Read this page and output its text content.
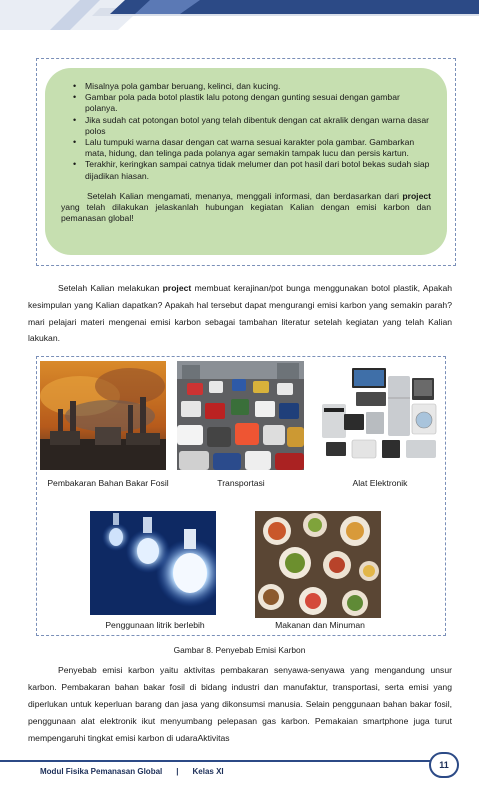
• Misalnya pola gambar beruang, kelinci, dan kucing.
• Gambar pola pada botol plastik lalu potong dengan gunting sesuai dengan gambar polanya.
• Jika sudah cat potongan botol yang telah dibentuk dengan cat akralik dengan warna dasar polos
• Lalu tumpuki warna dasar dengan cat warna sesuai karakter pola gambar. Gambarkan mata, hidung, dan telinga pada polanya agar semakin tampak lucu dan persis kartun.
• Terakhir, keringkan sampai catnya tidak melumer dan pot hasil dari botol bekas sudah siap dijadikan hiasan.

Setelah Kalian mengamati, menanya, menggali informasi, dan berdasarkan dari project yang telah dilakukan jelaskanlah hubungan kegiatan Kalian dengan emisi karbon dan pemanasan global!

Setelah Kalian melakukan project membuat kerajinan/pot bunga menggunakan botol plastik, Apakah kesimpulan yang Kalian dapatkan? Apakah hal tersebut dapat mengurangi emisi karbon yang semakin parah? mari pelajari materi mengenai emisi karbon sebagai tambahan literatur setelah kegiatan yang telah Kalian lakukan.

Pembakaran Bahan Bakar Fosil	Transportasi	Alat Elektronik
Penggunaan litrik berlebih	Makanan dan Minuman
Gambar 8. Penyebab Emisi Karbon

Penyebab emisi karbon yaitu aktivitas pembakaran senyawa-senyawa yang mengandung unsur karbon. Pembakaran bahan bakar fosil di bidang industri dan manufaktur, transportasi, serta emisi yang diperlukan untuk keperluan barang dan jasa yang dikonsumsi manusia. Selain penggunaan bahan bakar fosil, penggunaan alat elektronik ikut menyumbang pelepasan gas karbon. Pemakaian smartphone juga turut mempengaruhi tingkat emisi karbon di udaraAktivitas

11
Modul Fisika Pemanasan Global | Kelas XI
